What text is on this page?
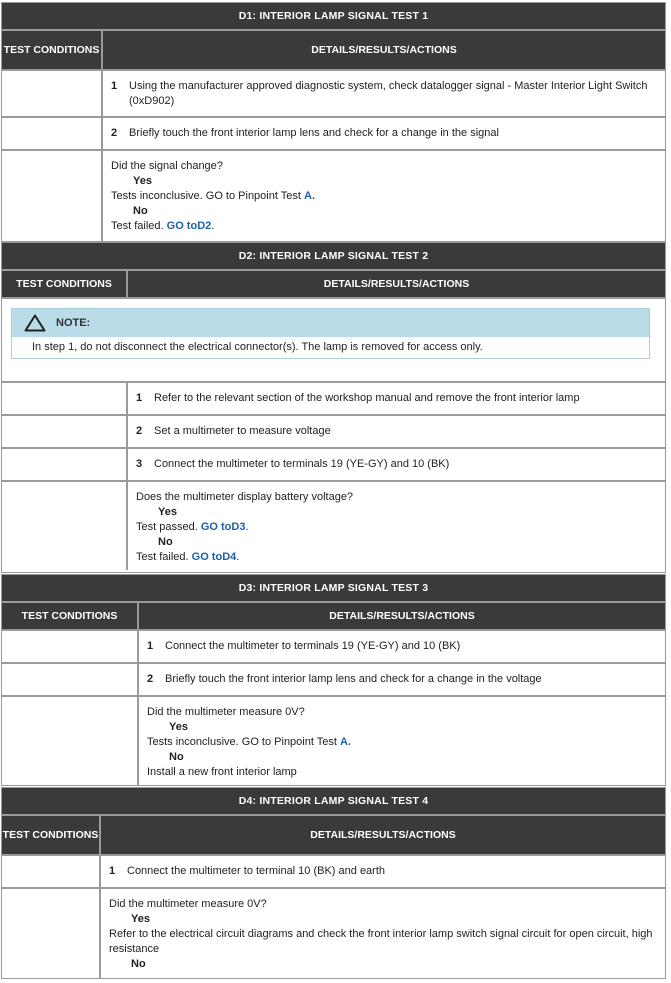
D1: INTERIOR LAMP SIGNAL TEST 1
TEST CONDITIONS	DETAILS/RESULTS/ACTIONS
1	Using the manufacturer approved diagnostic system, check datalogger signal - Master Interior Light Switch (0xD902)
2	Briefly touch the front interior lamp lens and check for a change in the signal
Did the signal change?
Yes
Tests inconclusive. GO to Pinpoint Test A.
No
Test failed. GO toD2.
D2: INTERIOR LAMP SIGNAL TEST 2
TEST CONDITIONS	DETAILS/RESULTS/ACTIONS
NOTE:
In step 1, do not disconnect the electrical connector(s). The lamp is removed for access only.
1	Refer to the relevant section of the workshop manual and remove the front interior lamp
2	Set a multimeter to measure voltage
3	Connect the multimeter to terminals 19 (YE-GY) and 10 (BK)
Does the multimeter display battery voltage?
Yes
Test passed. GO toD3.
No
Test failed. GO toD4.
D3: INTERIOR LAMP SIGNAL TEST 3
TEST CONDITIONS	DETAILS/RESULTS/ACTIONS
1	Connect the multimeter to terminals 19 (YE-GY) and 10 (BK)
2	Briefly touch the front interior lamp lens and check for a change in the voltage
Did the multimeter measure 0V?
Yes
Tests inconclusive. GO to Pinpoint Test A.
No
Install a new front interior lamp
D4: INTERIOR LAMP SIGNAL TEST 4
TEST CONDITIONS	DETAILS/RESULTS/ACTIONS
1	Connect the multimeter to terminal 10 (BK) and earth
Did the multimeter measure 0V?
Yes
Refer to the electrical circuit diagrams and check the front interior lamp switch signal circuit for open circuit, high resistance
No
